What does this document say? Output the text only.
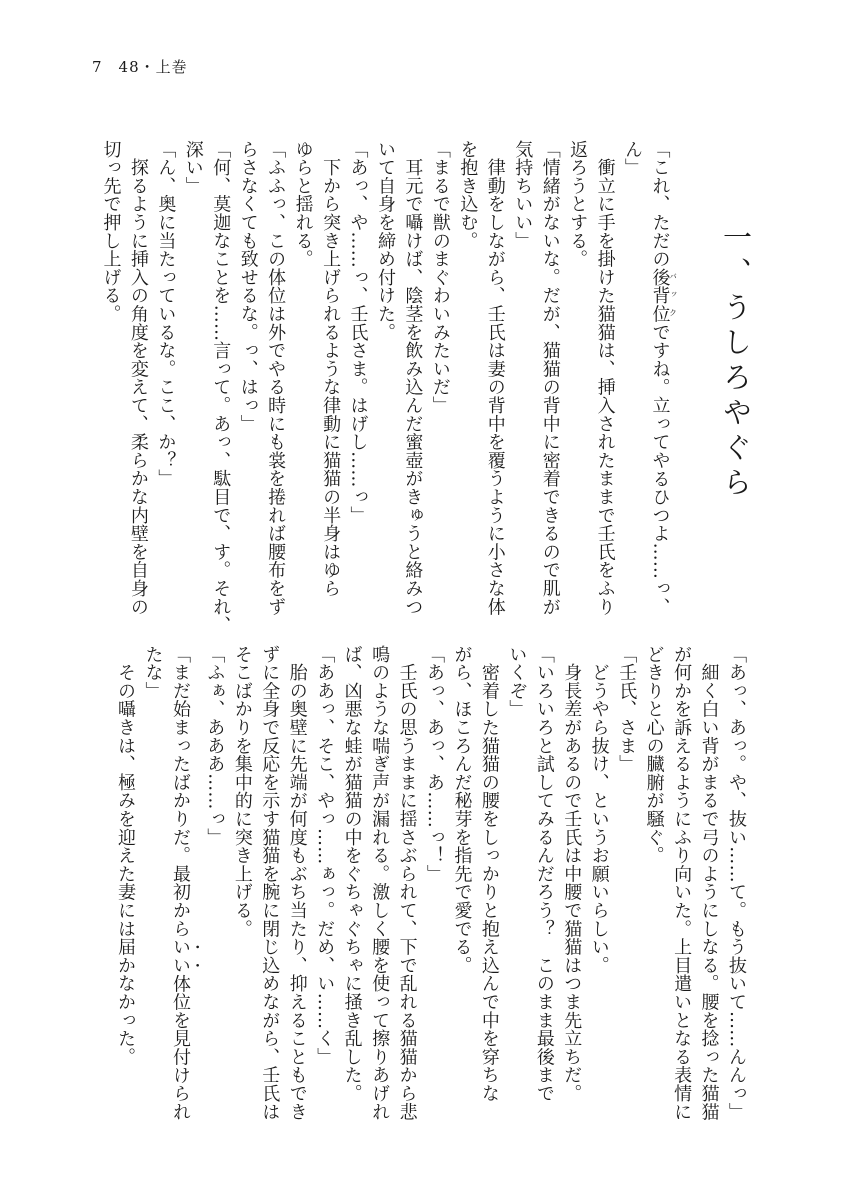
7　48・上巻
一、うしろやぐら
「これ、ただの後背位バックですね。立ってやるひつよ……っ、
ん」
　衝立に手を掛けた猫猫は、挿入されたままで壬氏をふり
返ろうとする。
「情緒がないな。だが、猫猫の背中に密着できるので肌が
気持ちいい」
　律動をしながら、壬氏は妻の背中を覆うように小さな体
を抱き込む。
「まるで獣のまぐわいみたいだ」
　耳元で囁けば、陰茎を飲み込んだ蜜壺がきゅうと絡みつ
いて自身を締め付けた。
「あっ、や……っ、壬氏さま。はげし……っ」
　下から突き上げられるような律動に猫猫の半身はゆら
ゆらと揺れる。
「ふふっ、この体位は外でやる時にも裳を捲れば腰布をず
らさなくても致せるな。っ、はっ」
「何、莫迦なことを……言って。あっ、駄目で、す。それ、
深い」
「ん、奥に当たっているな。ここ、か？」
　探るように挿入の角度を変えて、柔らかな内壁を自身の
切っ先で押し上げる。
「あっ、あっ。や、抜い……て。もう抜いて……んんっ」
　細く白い背がまるで弓のようにしなる。腰を捻った猫猫
が何かを訴えるようにふり向いた。上目遣いとなる表情に
どきりと心の臓腑が騒ぐ。
「壬氏、さま」
　どうやら抜け、というお願いらしい。
　身長差があるので壬氏は中腰で猫猫はつま先立ちだ。
「いろいろと試してみるんだろう？　このまま最後まで
いくぞ」
　密着した猫猫の腰をしっかりと抱え込んで中を穿ちな
がら、ほころんだ秘芽を指先で愛でる。
「あっ、あっ、あ……っ！」
　壬氏の思うままに揺さぶられて、下で乱れる猫猫から悲
鳴のような喘ぎ声が漏れる。激しく腰を使って擦りあげれ
ば、凶悪な蛙が猫猫の中をぐちゃぐちゃに掻き乱した。
「ああっ、そこ、やっ……ぁっ。だめ、い……く」
　胎の奥壁に先端が何度もぶち当たり、抑えることもでき
ずに全身で反応を示す猫猫を腕に閉じ込めながら、壬氏は
そこばかりを集中的に突き上げる。
「ふぁ、あああ……っ」
「まだ始まったばかりだ。最初からいい体位を見付けられ
たな」
　その囁きは、極みを迎えた妻には届かなかった。
